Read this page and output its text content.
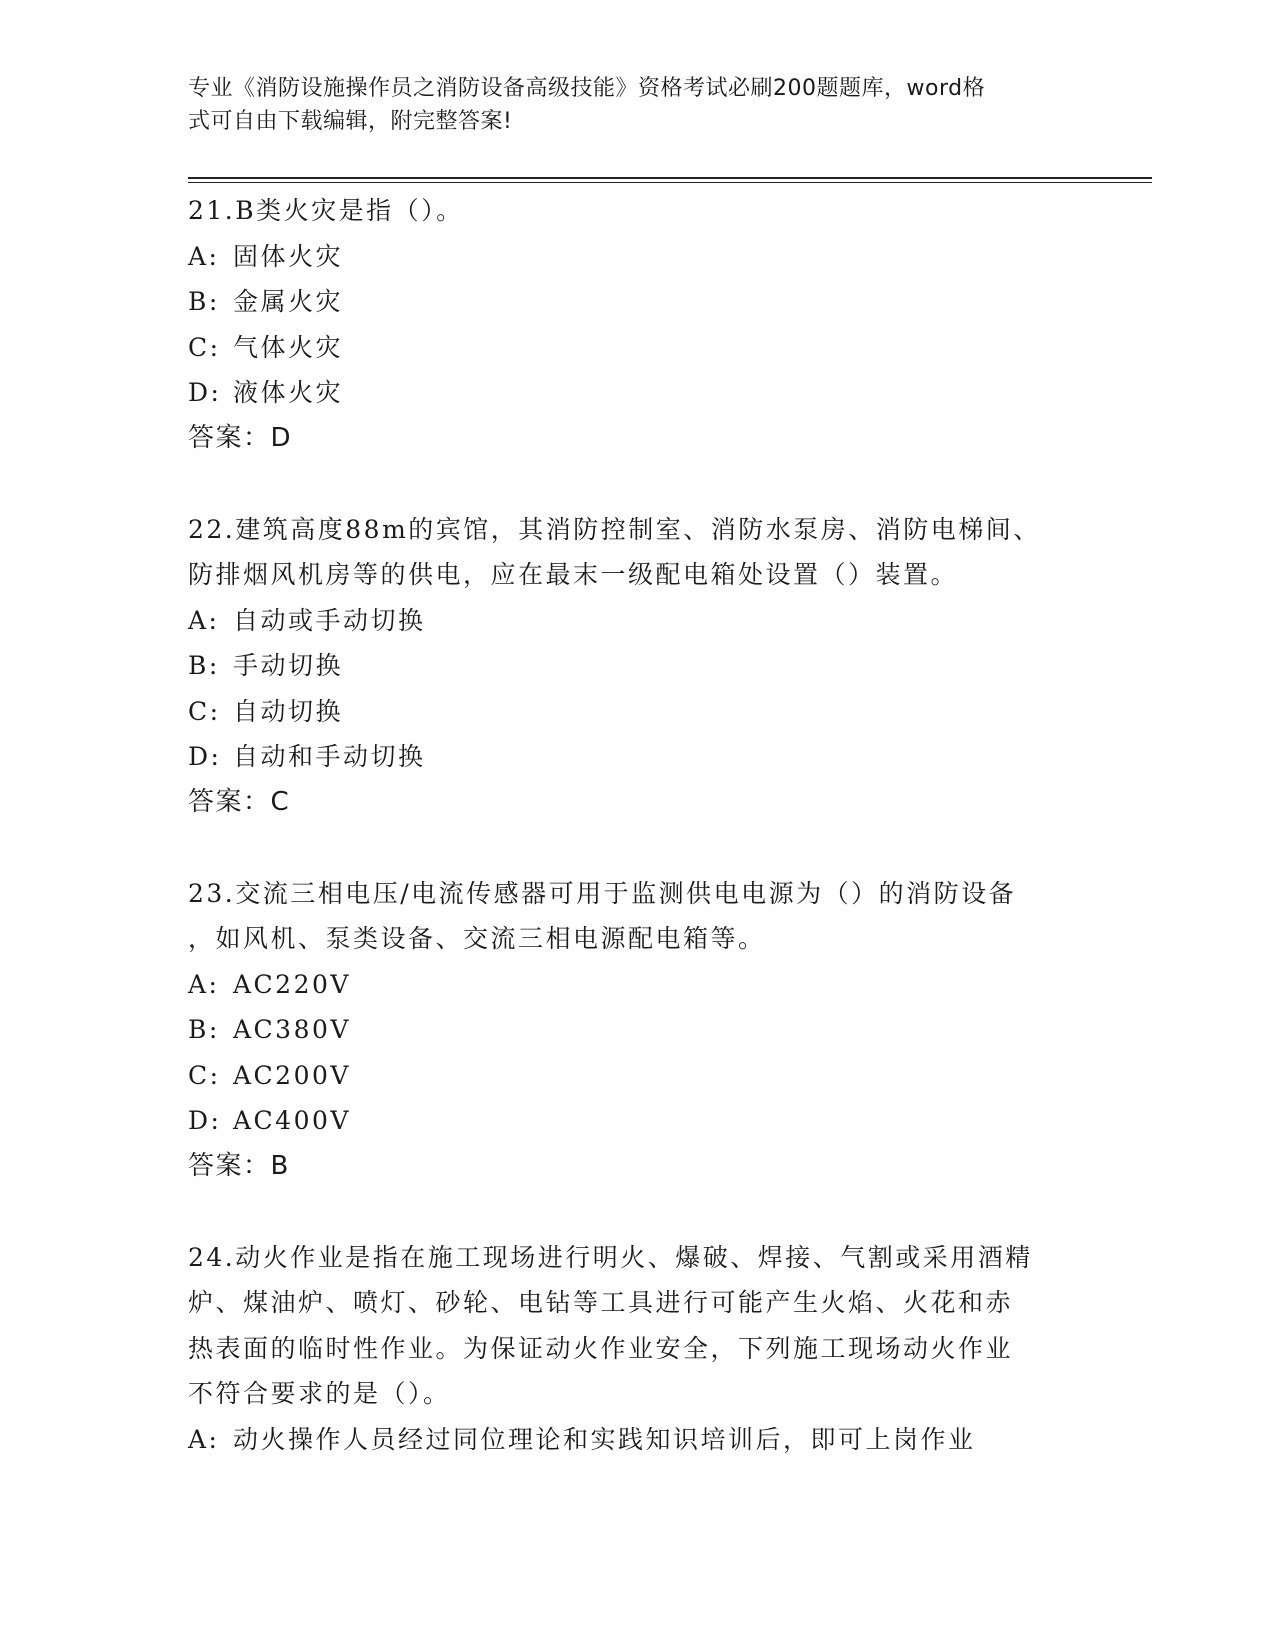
专业《消防设施操作员之消防设备高级技能》资格考试必刷200题题库，word格
式可自由下载编辑，附完整答案!

21.B类火灾是指（）。

A: 固体火灾

B: 金属火灾

C: 气体火灾

D: 液体火灾

答案：D

22.建筑高度88m的宾馆，其消防控制室、消防水泵房、消防电梯间、

防排烟风机房等的供电，应在最末一级配电箱处设置（）装置。

A: 自动或手动切换

B: 手动切换

C: 自动切换

D: 自动和手动切换

答案：C

23.交流三相电压/电流传感器可用于监测供电电源为（）的消防设备

，如风机、泵类设备、交流三相电源配电箱等。

A: AC220V

B: AC380V

C: AC200V

D: AC400V

答案：B

24.动火作业是指在施工现场进行明火、爆破、焊接、气割或采用酒精

炉、煤油炉、喷灯、砂轮、电钻等工具进行可能产生火焰、火花和赤

热表面的临时性作业。为保证动火作业安全，下列施工现场动火作业

不符合要求的是（）。

A: 动火操作人员经过同位理论和实践知识培训后，即可上岗作业
